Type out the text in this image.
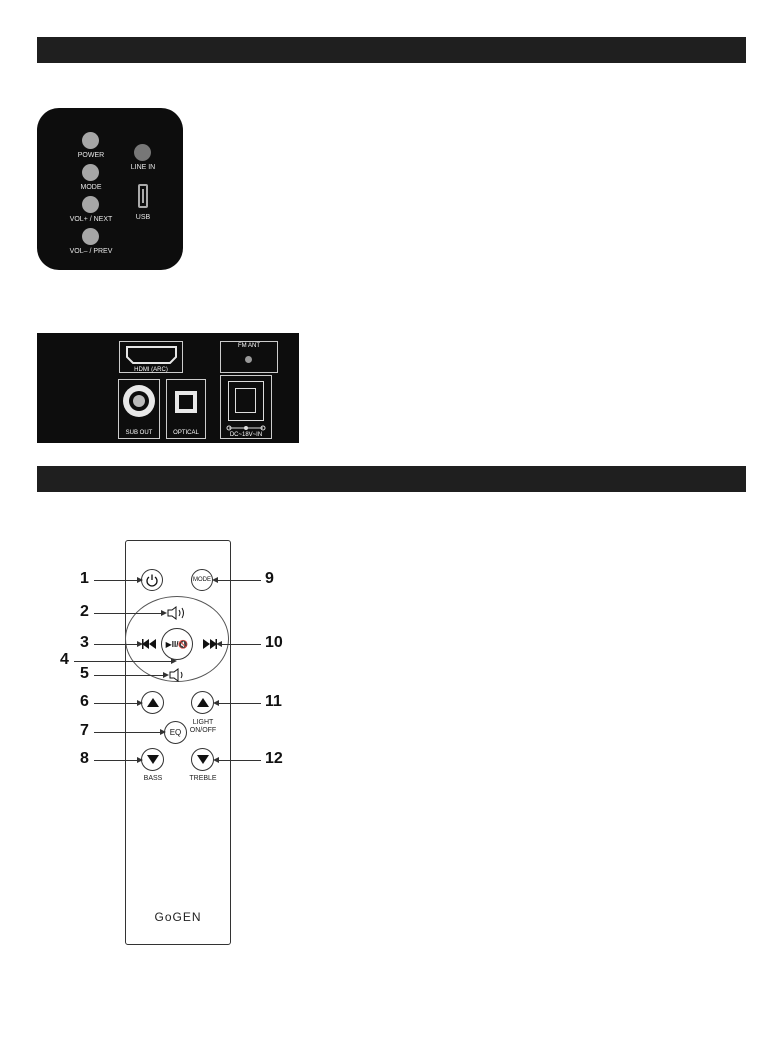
POWER
MODE
VOL+ / NEXT
VOL– / PREV
LINE IN
USB
HDMI (ARC)
FM ANT
SUB OUT	OPTICAL	DC~18V~IN
MODE
▶II/🔇
LIGHT
ON/OFF
EQ
BASS	TREBLE
GoGEN
1
2
3
4
5
6
7
8
9
10
11
12
